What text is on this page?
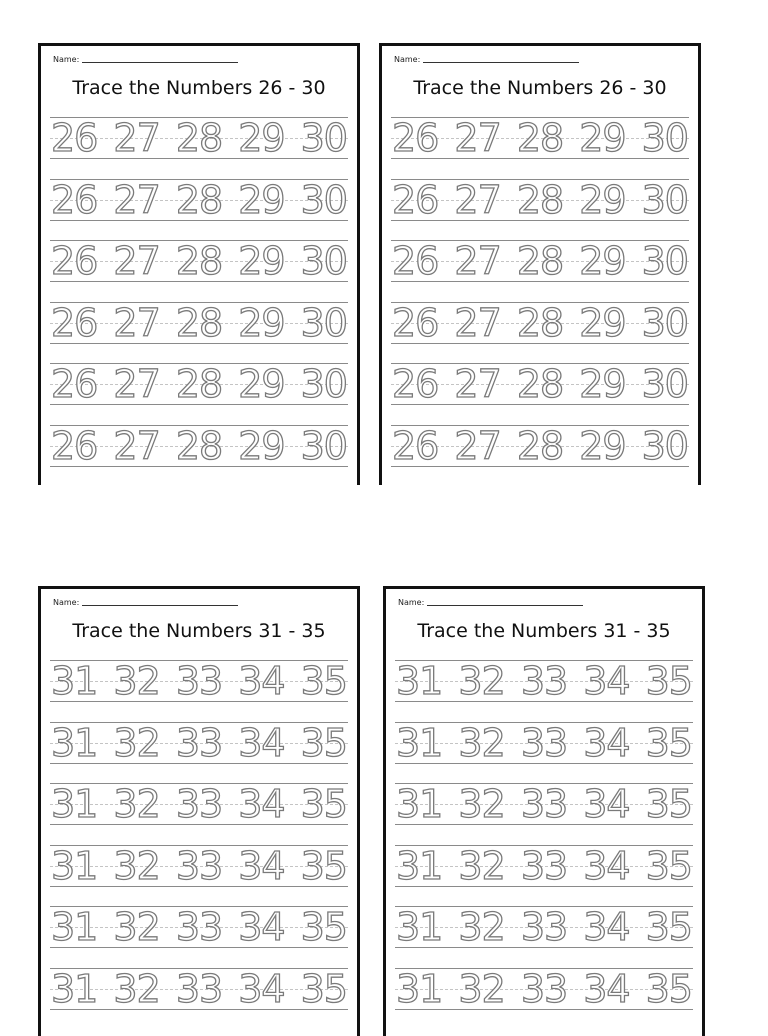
Name:
Trace the Numbers 26 - 30
26 27 28 29 30
26 27 28 29 30
26 27 28 29 30
26 27 28 29 30
26 27 28 29 30
26 27 28 29 30
Name:
Trace the Numbers 26 - 30
26 27 28 29 30
26 27 28 29 30
26 27 28 29 30
26 27 28 29 30
26 27 28 29 30
26 27 28 29 30
Name:
Trace the Numbers 31 - 35
31 32 33 34 35
31 32 33 34 35
31 32 33 34 35
31 32 33 34 35
31 32 33 34 35
31 32 33 34 35
Name:
Trace the Numbers 31 - 35
31 32 33 34 35
31 32 33 34 35
31 32 33 34 35
31 32 33 34 35
31 32 33 34 35
31 32 33 34 35
